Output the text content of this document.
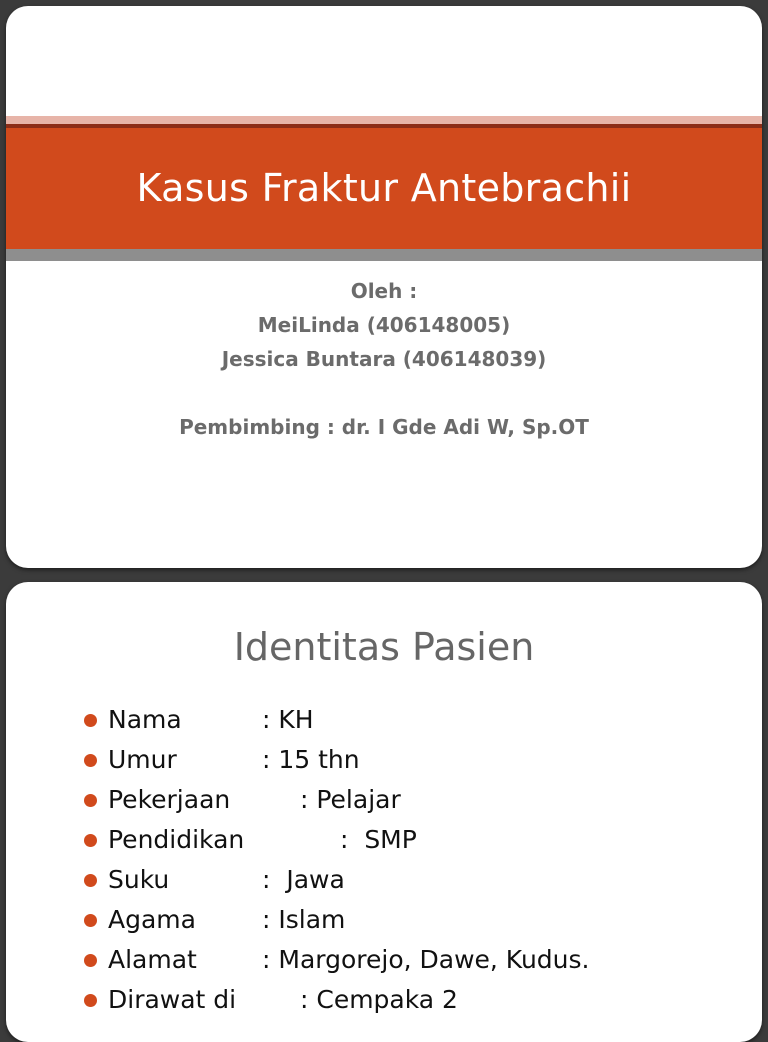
Kasus Fraktur Antebrachii
Oleh :
MeiLinda (406148005)
Jessica Buntara (406148039)
Pembimbing : dr. I Gde Adi W, Sp.OT
Identitas Pasien

Nama

	: KH

Umur

	: 15 thn

Pekerjaan

	: Pelajar

Pendidikan

	:  SMP

Suku

	:  Jawa

Agama

	: Islam

Alamat

	: Margorejo, Dawe, Kudus.

Dirawat di

	: Cempaka 2
